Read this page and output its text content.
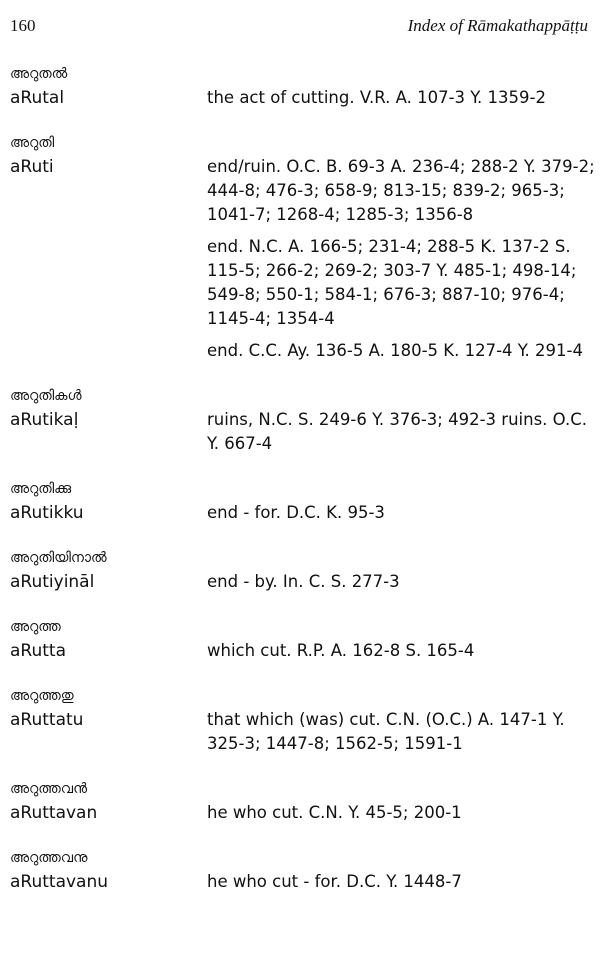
160	Index of Rāmakathappāṭṭu
അറുതൽ
aRutal	the act of cutting. V.R. A. 107-3 Y. 1359-2
അറുതി
aRuti	end/ruin. O.C. B. 69-3 A. 236-4; 288-2 Y. 379-2; 444-8; 476-3; 658-9; 813-15; 839-2; 965-3; 1041-7; 1268-4; 1285-3; 1356-8
end. N.C. A. 166-5; 231-4; 288-5 K. 137-2 S. 115-5; 266-2; 269-2; 303-7 Y. 485-1; 498-14; 549-8; 550-1; 584-1; 676-3; 887-10; 976-4; 1145-4; 1354-4
end. C.C. Ay. 136-5 A. 180-5 K. 127-4 Y. 291-4
അറുതികൾ
aRutikaḷ	ruins, N.C. S. 249-6 Y. 376-3; 492-3 ruins. O.C. Y. 667-4
അറുതിക്കു
aRutikku	end - for. D.C. K. 95-3
അറുതിയിനാൽ
aRutiyināl	end - by. In. C. S. 277-3
അറുത്ത
aRutta	which cut. R.P. A. 162-8 S. 165-4
അറുത്തതു
aRuttatu	that which (was) cut. C.N. (O.C.) A. 147-1 Y. 325-3; 1447-8; 1562-5; 1591-1
അറുത്തവൻ
aRuttavan	he who cut. C.N. Y. 45-5; 200-1
അറുത്തവനു
aRuttavanu	he who cut - for. D.C. Y. 1448-7
